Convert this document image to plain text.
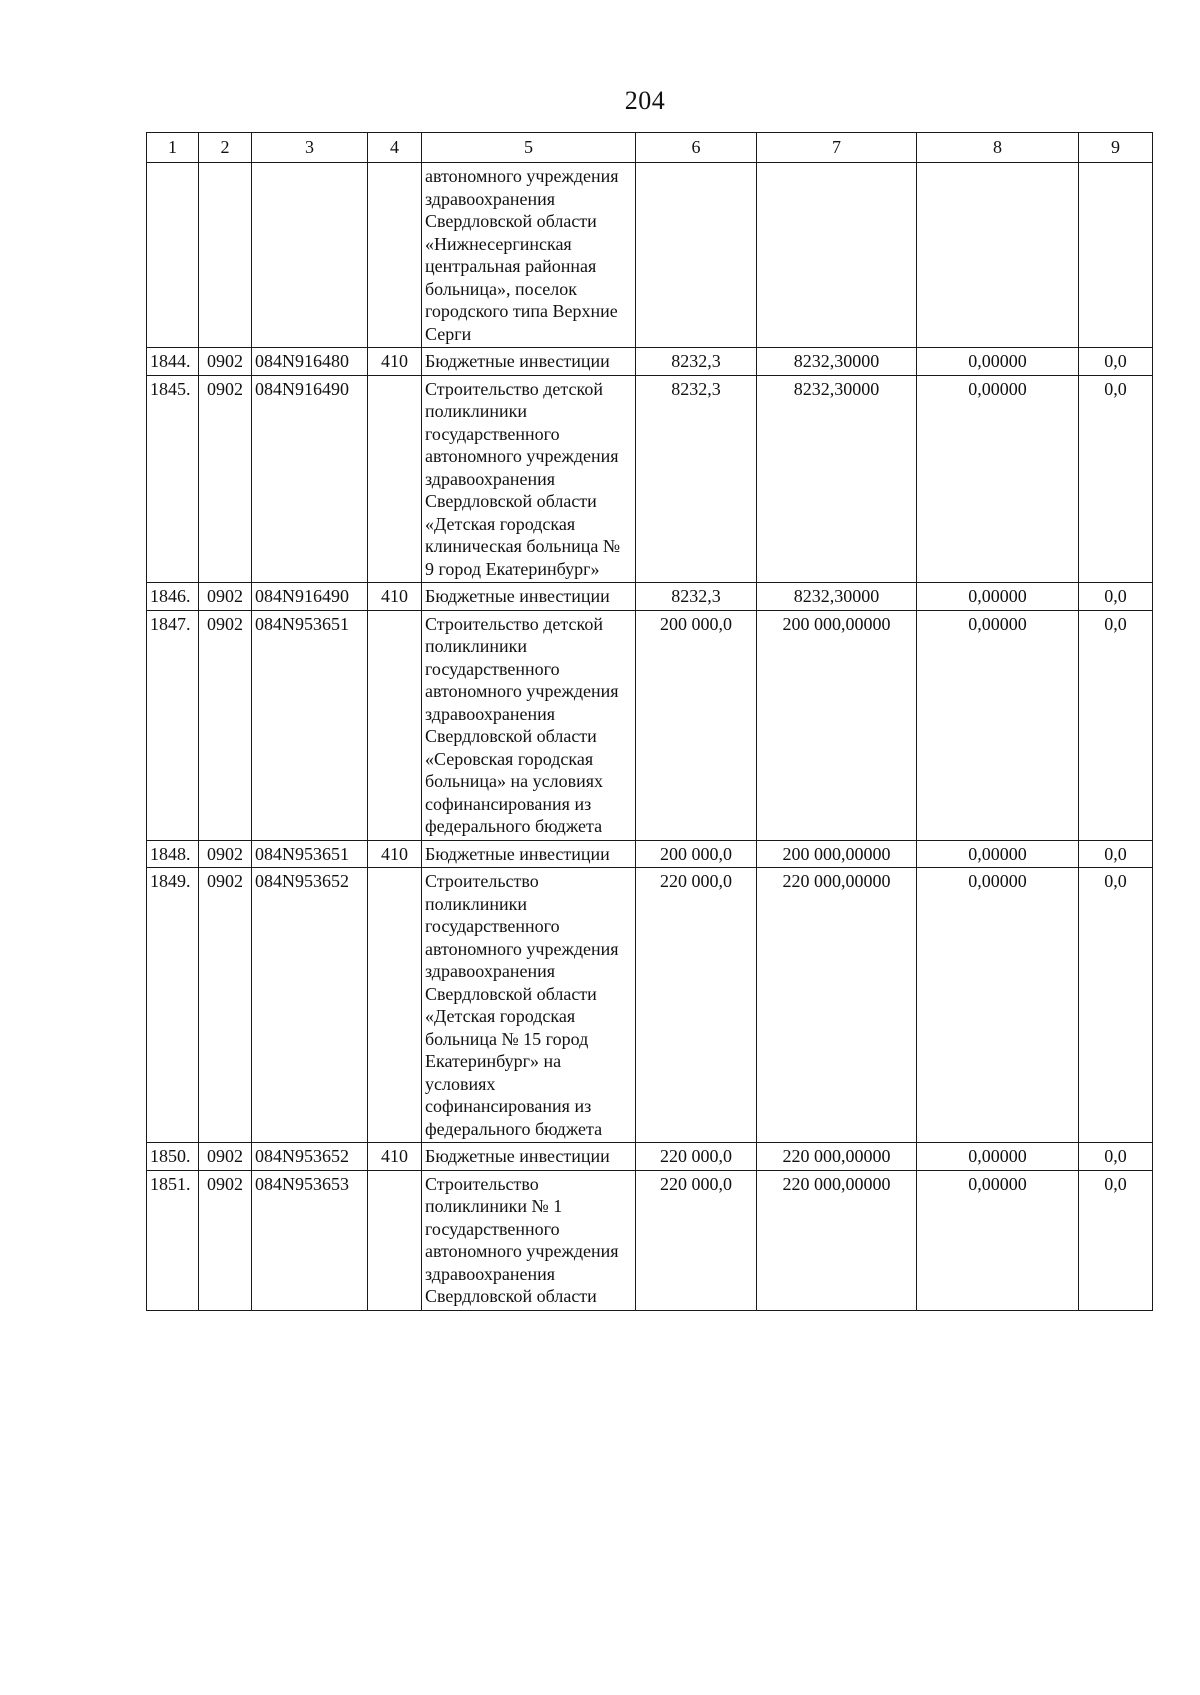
204
1	2	3	4	5	6	7	8	9
				автономного учреждения здравоохранения Свердловской области «Нижнесергинская центральная районная больница», поселок городского типа Верхние Серги				
1844.	0902	084N916480	410	Бюджетные инвестиции	8232,3	8232,30000	0,00000	0,0
1845.	0902	084N916490		Строительство детской поликлиники государственного автономного учреждения здравоохранения Свердловской области «Детская городская клиническая больница № 9 город Екатеринбург»	8232,3	8232,30000	0,00000	0,0
1846.	0902	084N916490	410	Бюджетные инвестиции	8232,3	8232,30000	0,00000	0,0
1847.	0902	084N953651		Строительство детской поликлиники государственного автономного учреждения здравоохранения Свердловской области «Серовская городская больница» на условиях софинансирования из федерального бюджета	200 000,0	200 000,00000	0,00000	0,0
1848.	0902	084N953651	410	Бюджетные инвестиции	200 000,0	200 000,00000	0,00000	0,0
1849.	0902	084N953652		Строительство поликлиники государственного автономного учреждения здравоохранения Свердловской области «Детская городская больница № 15 город Екатеринбург» на условиях софинансирования из федерального бюджета	220 000,0	220 000,00000	0,00000	0,0
1850.	0902	084N953652	410	Бюджетные инвестиции	220 000,0	220 000,00000	0,00000	0,0
1851.	0902	084N953653		Строительство поликлиники № 1 государственного автономного учреждения здравоохранения Свердловской области	220 000,0	220 000,00000	0,00000	0,0
